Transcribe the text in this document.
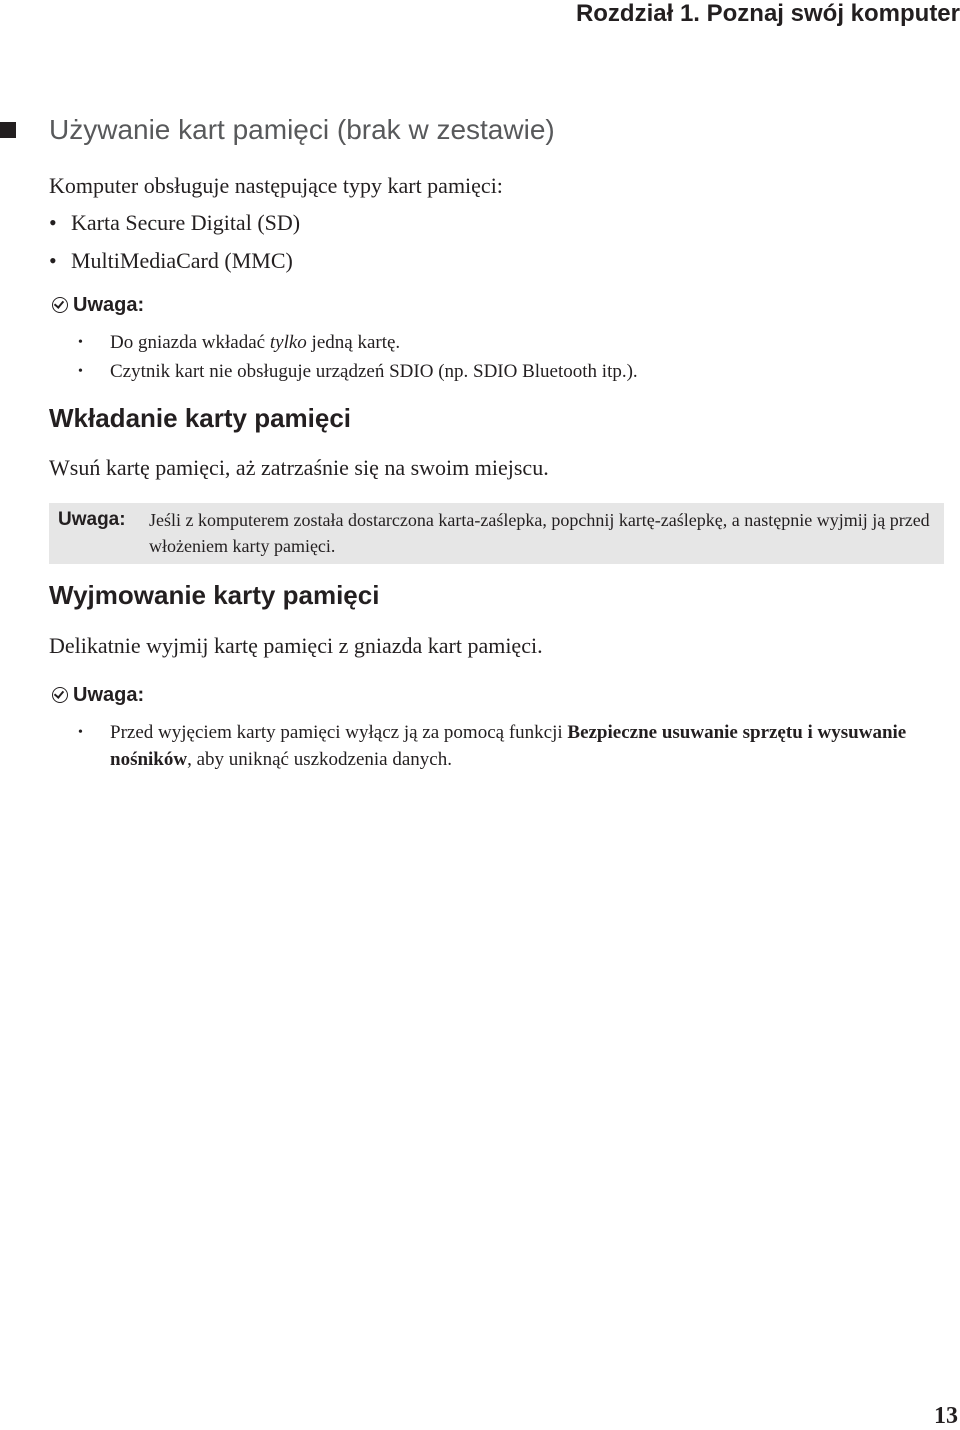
Rozdział 1. Poznaj swój komputer
Używanie kart pamięci (brak w zestawie)
Komputer obsługuje następujące typy kart pamięci:
• Karta Secure Digital (SD)
• MultiMediaCard (MMC)
Uwaga:
• Do gniazda wkładać tylko jedną kartę.
• Czytnik kart nie obsługuje urządzeń SDIO (np. SDIO Bluetooth itp.).
Wkładanie karty pamięci
Wsuń kartę pamięci, aż zatrzaśnie się na swoim miejscu.
Uwaga: Jeśli z komputerem została dostarczona karta-zaślepka, popchnij kartę-zaślepkę, a następnie wyjmij ją przed włożeniem karty pamięci.
Wyjmowanie karty pamięci
Delikatnie wyjmij kartę pamięci z gniazda kart pamięci.
Uwaga:
• Przed wyjęciem karty pamięci wyłącz ją za pomocą funkcji Bezpieczne usuwanie sprzętu i wysuwanie nośników, aby uniknąć uszkodzenia danych.
13
